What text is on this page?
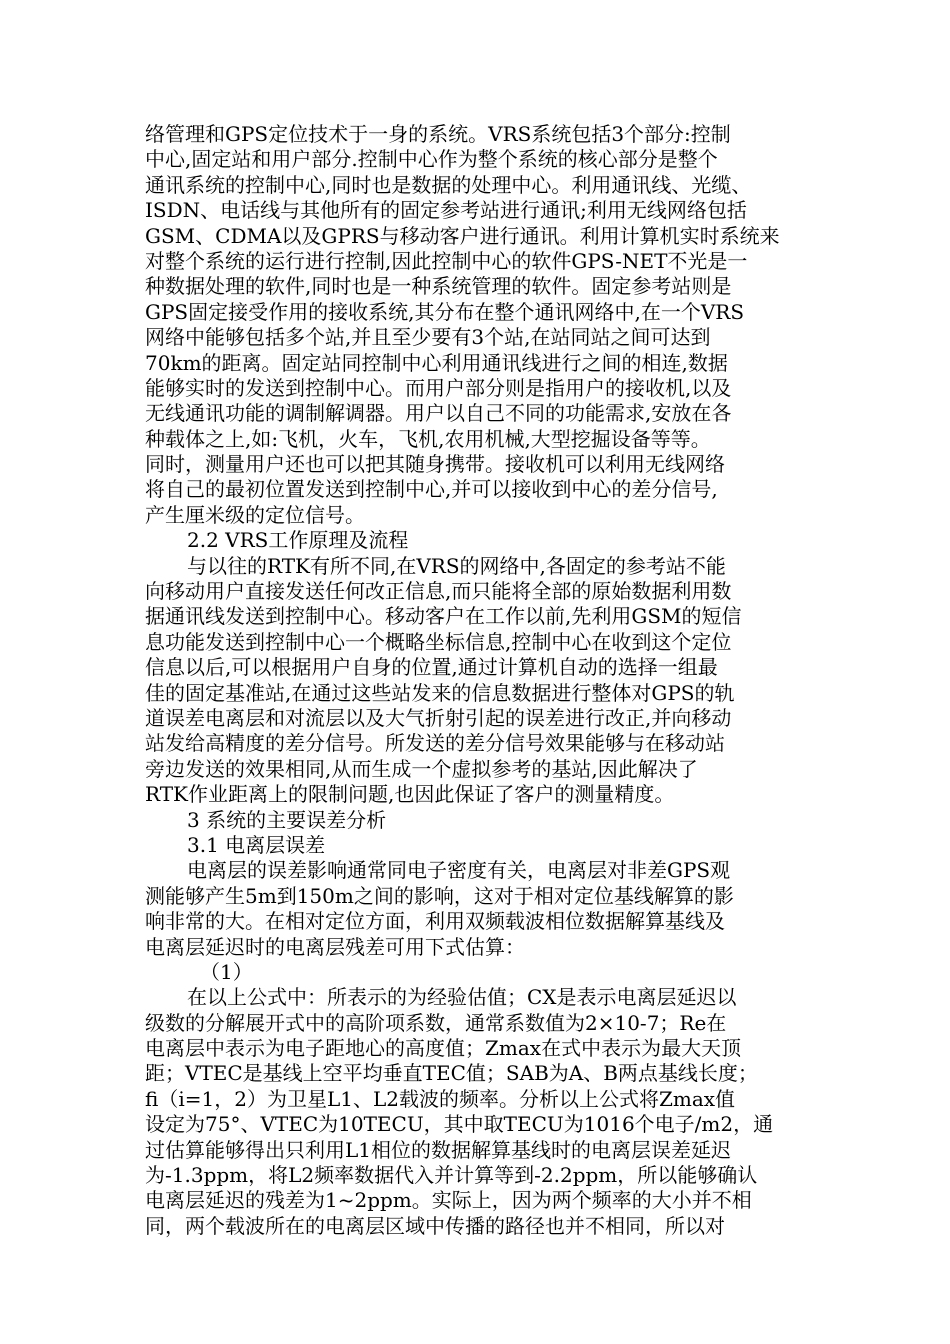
络管理和GPS定位技术于一身的系统。VRS系统包括3个部分:控制
中心,固定站和用户部分.控制中心作为整个系统的核心部分是整个
通讯系统的控制中心,同时也是数据的处理中心。利用通讯线、光缆、
ISDN、电话线与其他所有的固定参考站进行通讯;利用无线网络包括
GSM、CDMA以及GPRS与移动客户进行通讯。利用计算机实时系统来
对整个系统的运行进行控制,因此控制中心的软件GPS-NET不光是一
种数据处理的软件,同时也是一种系统管理的软件。固定参考站则是
GPS固定接受作用的接收系统,其分布在整个通讯网络中,在一个VRS
网络中能够包括多个站,并且至少要有3个站,在站同站之间可达到
70km的距离。固定站同控制中心利用通讯线进行之间的相连,数据
能够实时的发送到控制中心。而用户部分则是指用户的接收机,以及
无线通讯功能的调制解调器。用户以自己不同的功能需求,安放在各
种载体之上,如:飞机，火车，飞机,农用机械,大型挖掘设备等等。
同时，测量用户还也可以把其随身携带。接收机可以利用无线网络
将自己的最初位置发送到控制中心,并可以接收到中心的差分信号,
产生厘米级的定位信号。
2.2 VRS工作原理及流程
与以往的RTK有所不同,在VRS的网络中,各固定的参考站不能
向移动用户直接发送任何改正信息,而只能将全部的原始数据利用数
据通讯线发送到控制中心。移动客户在工作以前,先利用GSM的短信
息功能发送到控制中心一个概略坐标信息,控制中心在收到这个定位
信息以后,可以根据用户自身的位置,通过计算机自动的选择一组最
佳的固定基准站,在通过这些站发来的信息数据进行整体对GPS的轨
道误差电离层和对流层以及大气折射引起的误差进行改正,并向移动
站发给高精度的差分信号。所发送的差分信号效果能够与在移动站
旁边发送的效果相同,从而生成一个虚拟参考的基站,因此解决了
RTK作业距离上的限制问题,也因此保证了客户的测量精度。
3 系统的主要误差分析
3.1 电离层误差
电离层的误差影响通常同电子密度有关，电离层对非差GPS观
测能够产生5m到150m之间的影响，这对于相对定位基线解算的影
响非常的大。在相对定位方面，利用双频载波相位数据解算基线及
电离层延迟时的电离层残差可用下式估算：
（1）
在以上公式中：所表示的为经验估值；CX是表示电离层延迟以
级数的分解展开式中的高阶项系数，通常系数值为2×10-7；Re在
电离层中表示为电子距地心的高度值；Zmax在式中表示为最大天顶
距；VTEC是基线上空平均垂直TEC值；SAB为A、B两点基线长度；
fi（i=1，2）为卫星L1、L2载波的频率。分析以上公式将Zmax值
设定为75°、VTEC为10TECU，其中取TECU为1016个电子/m2，通
过估算能够得出只利用L1相位的数据解算基线时的电离层误差延迟
为-1.3ppm，将L2频率数据代入并计算等到-2.2ppm，所以能够确认
电离层延迟的残差为1~2ppm。实际上，因为两个频率的大小并不相
同，两个载波所在的电离层区域中传播的路径也并不相同，所以对
